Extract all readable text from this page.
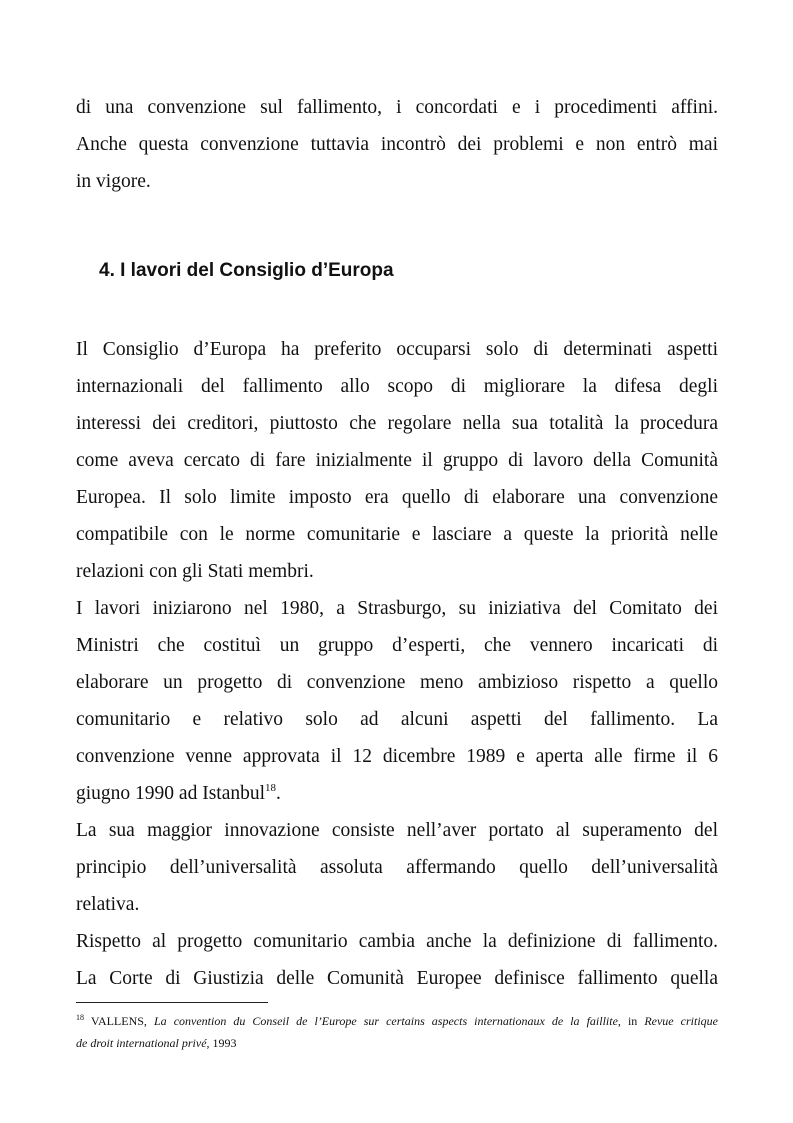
di una convenzione sul fallimento, i concordati e i procedimenti affini.
Anche questa convenzione tuttavia incontrò dei problemi e non entrò mai
in vigore.
4. I lavori del Consiglio d’Europa
Il Consiglio d’Europa ha preferito occuparsi solo di determinati aspetti
internazionali del fallimento allo scopo di migliorare la difesa degli
interessi dei creditori, piuttosto che regolare nella sua totalità la procedura
come aveva cercato di fare inizialmente il gruppo di lavoro della Comunità
Europea. Il solo limite imposto era quello di elaborare una convenzione
compatibile con le norme comunitarie e lasciare a queste la priorità nelle
relazioni con gli Stati membri.
I lavori iniziarono nel 1980, a Strasburgo, su iniziativa del Comitato dei
Ministri che costituì un gruppo d’esperti, che vennero incaricati di
elaborare un progetto di convenzione meno ambizioso rispetto a quello
comunitario e relativo solo ad alcuni aspetti del fallimento. La
convenzione venne approvata il 12 dicembre 1989 e aperta alle firme il 6
giugno 1990 ad Istanbul$^{18}$.
La sua maggior innovazione consiste nell’aver portato al superamento del
principio dell’universalità assoluta affermando quello dell’universalità
relativa.
Rispetto al progetto comunitario cambia anche la definizione di fallimento.
La Corte di Giustizia delle Comunità Europee definisce fallimento quella
$^{18}$ VALLENS, La convention du Conseil de l’Europe sur certains aspects internationaux de la faillite, in Revue critique
de droit international privé, 1993
